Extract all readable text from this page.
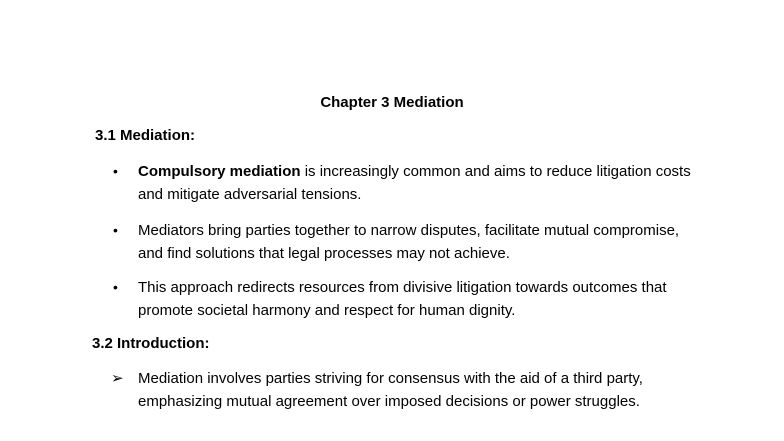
Chapter 3 Mediation
3.1 Mediation:
•	Compulsory mediation is increasingly common and aims to reduce litigation costs and mitigate adversarial tensions.
•	Mediators bring parties together to narrow disputes, facilitate mutual compromise, and find solutions that legal processes may not achieve.
•	This approach redirects resources from divisive litigation towards outcomes that promote societal harmony and respect for human dignity.
3.2 Introduction:
➢ Mediation involves parties striving for consensus with the aid of a third party, emphasizing mutual agreement over imposed decisions or power struggles.
